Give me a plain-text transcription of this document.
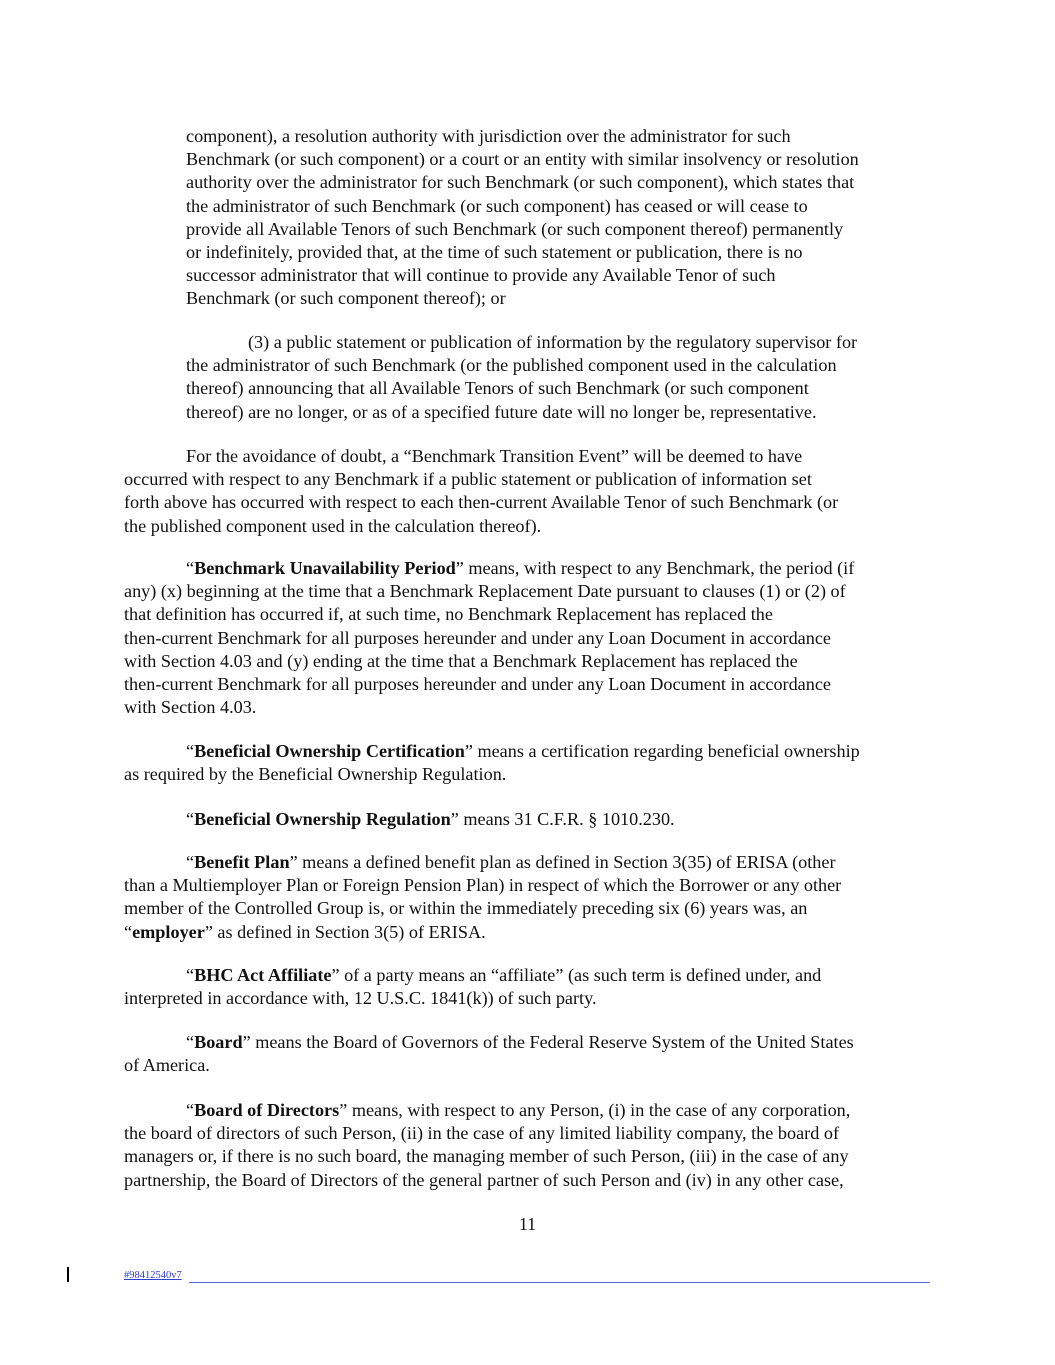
component), a resolution authority with jurisdiction over the administrator for such
Benchmark (or such component) or a court or an entity with similar insolvency or resolution
authority over the administrator for such Benchmark (or such component), which states that
the administrator of such Benchmark (or such component) has ceased or will cease to
provide all Available Tenors of such Benchmark (or such component thereof) permanently
or indefinitely, provided that, at the time of such statement or publication, there is no
successor administrator that will continue to provide any Available Tenor of such
Benchmark (or such component thereof); or

(3) a public statement or publication of information by the regulatory supervisor for
the administrator of such Benchmark (or the published component used in the calculation
thereof) announcing that all Available Tenors of such Benchmark (or such component
thereof) are no longer, or as of a specified future date will no longer be, representative.

For the avoidance of doubt, a “Benchmark Transition Event” will be deemed to have
occurred with respect to any Benchmark if a public statement or publication of information set
forth above has occurred with respect to each then-current Available Tenor of such Benchmark (or
the published component used in the calculation thereof).

“Benchmark Unavailability Period” means, with respect to any Benchmark, the period (if
any) (x) beginning at the time that a Benchmark Replacement Date pursuant to clauses (1) or (2) of
that definition has occurred if, at such time, no Benchmark Replacement has replaced the
then-current Benchmark for all purposes hereunder and under any Loan Document in accordance
with Section 4.03 and (y) ending at the time that a Benchmark Replacement has replaced the
then-current Benchmark for all purposes hereunder and under any Loan Document in accordance
with Section 4.03.

“Beneficial Ownership Certification” means a certification regarding beneficial ownership
as required by the Beneficial Ownership Regulation.

“Beneficial Ownership Regulation” means 31 C.F.R. § 1010.230.

“Benefit Plan” means a defined benefit plan as defined in Section 3(35) of ERISA (other
than a Multiemployer Plan or Foreign Pension Plan) in respect of which the Borrower or any other
member of the Controlled Group is, or within the immediately preceding six (6) years was, an
“employer” as defined in Section 3(5) of ERISA.

“BHC Act Affiliate” of a party means an “affiliate” (as such term is defined under, and
interpreted in accordance with, 12 U.S.C. 1841(k)) of such party.

“Board” means the Board of Governors of the Federal Reserve System of the United States
of America.

“Board of Directors” means, with respect to any Person, (i) in the case of any corporation,
the board of directors of such Person, (ii) in the case of any limited liability company, the board of
managers or, if there is no such board, the managing member of such Person, (iii) in the case of any
partnership, the Board of Directors of the general partner of such Person and (iv) in any other case,

11

#98412540v7
